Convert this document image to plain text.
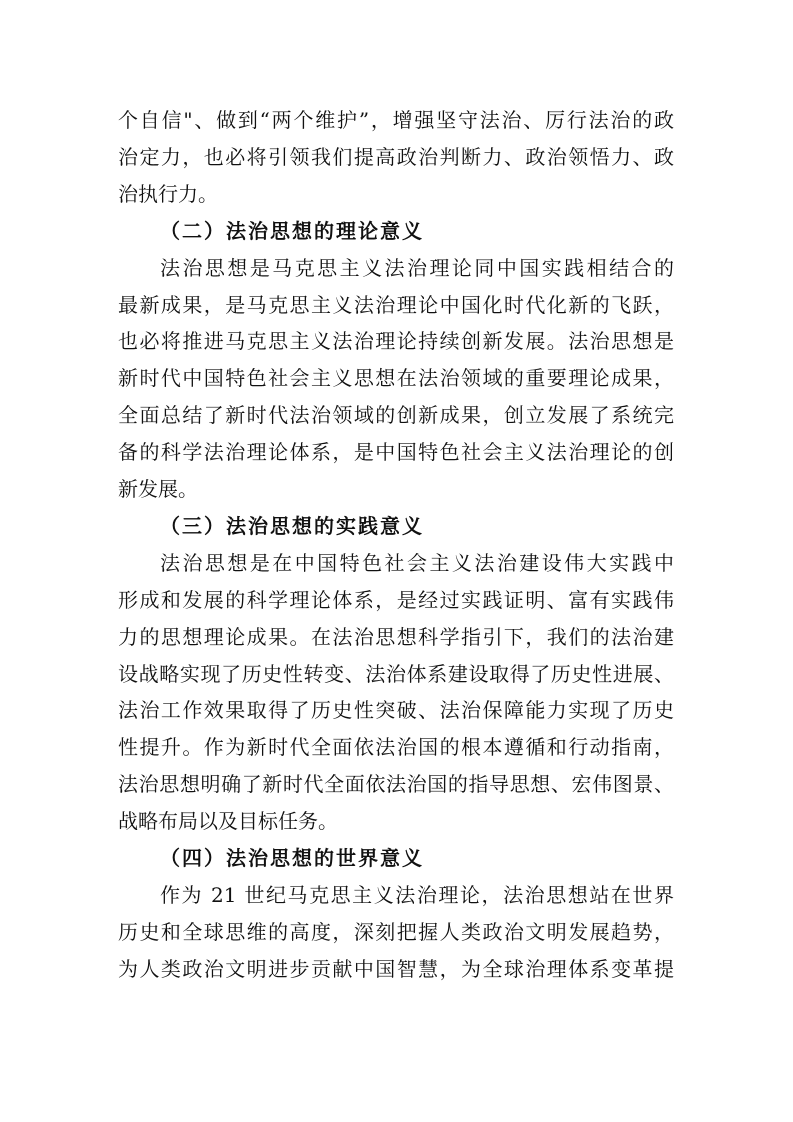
个自信"、做到“两个维护”，增强坚守法治、厉行法治的政
治定力，也必将引领我们提高政治判断力、政治领悟力、政
治执行力。
（二）法治思想的理论意义
法治思想是马克思主义法治理论同中国实践相结合的
最新成果，是马克思主义法治理论中国化时代化新的飞跃，
也必将推进马克思主义法治理论持续创新发展。法治思想是
新时代中国特色社会主义思想在法治领域的重要理论成果，
全面总结了新时代法治领域的创新成果，创立发展了系统完
备的科学法治理论体系，是中国特色社会主义法治理论的创
新发展。
（三）法治思想的实践意义
法治思想是在中国特色社会主义法治建设伟大实践中
形成和发展的科学理论体系，是经过实践证明、富有实践伟
力的思想理论成果。在法治思想科学指引下，我们的法治建
设战略实现了历史性转变、法治体系建设取得了历史性进展、
法治工作效果取得了历史性突破、法治保障能力实现了历史
性提升。作为新时代全面依法治国的根本遵循和行动指南，
法治思想明确了新时代全面依法治国的指导思想、宏伟图景、
战略布局以及目标任务。
（四）法治思想的世界意义
作为 21 世纪马克思主义法治理论，法治思想站在世界
历史和全球思维的高度，深刻把握人类政治文明发展趋势，
为人类政治文明进步贡献中国智慧，为全球治理体系变革提
